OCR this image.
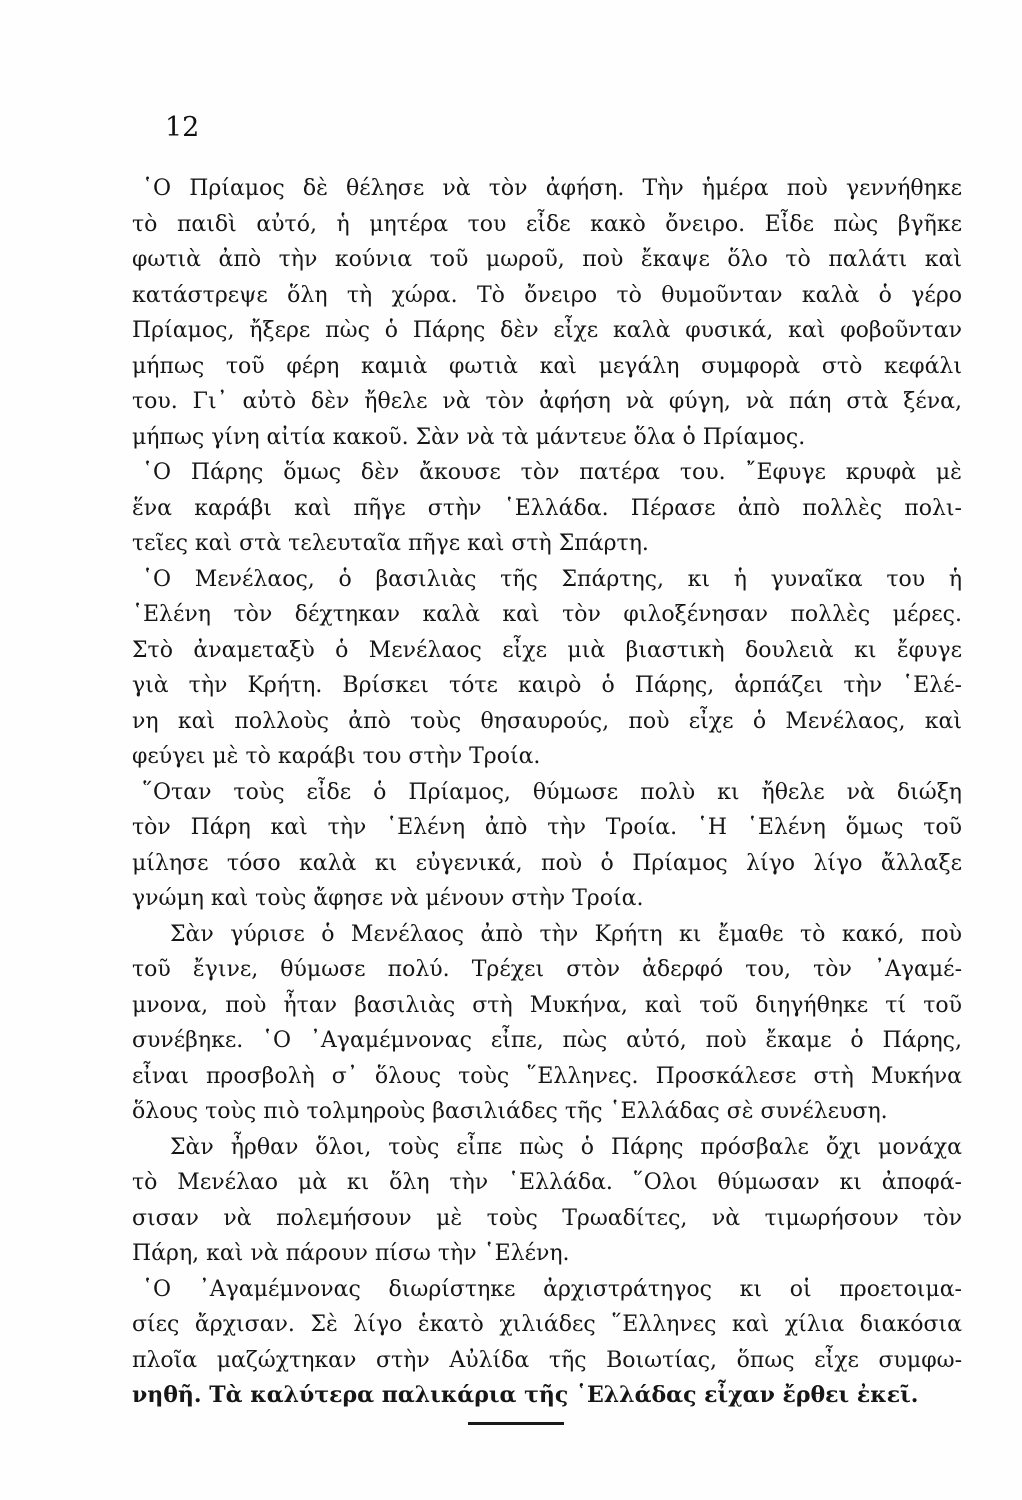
12
῾Ο Πρίαμος δὲ θέλησε νὰ τὸν ἀφήση. Τὴν ἡμέρα ποὺ γεννήθηκε
τὸ παιδὶ αὐτό, ἡ μητέρα του εἶδε κακὸ ὄνειρο. Εἶδε πὼς βγῆκε
φωτιὰ ἀπὸ τὴν κούνια τοῦ μωροῦ, ποὺ ἔκαψε ὅλο τὸ παλάτι καὶ
κατάστρεψε ὅλη τὴ χώρα. Τὸ ὄνειρο τὸ θυμοῦνταν καλὰ ὁ γέρο
Πρίαμος, ἤξερε πὼς ὁ Πάρης δὲν εἶχε καλὰ φυσικά, καὶ φοβοῦνταν
μήπως τοῦ φέρη καμιὰ φωτιὰ καὶ μεγάλη συμφορὰ στὸ κεφάλι
του. Γι᾽ αὐτὸ δὲν ἤθελε νὰ τὸν ἀφήση νὰ φύγη, νὰ πάη στὰ ξένα,
μήπως γίνη αἰτία κακοῦ. Σὰν νὰ τὰ μάντευε ὅλα ὁ Πρίαμος.
῾Ο Πάρης ὅμως δὲν ἄκουσε τὸν πατέρα του. ῎Εφυγε κρυφὰ μὲ
ἕνα καράβι καὶ πῆγε στὴν ῾Ελλάδα. Πέρασε ἀπὸ πολλὲς πολι-
τεῖες καὶ στὰ τελευταῖα πῆγε καὶ στὴ Σπάρτη.
῾Ο Μενέλαος, ὁ βασιλιὰς τῆς Σπάρτης, κι ἡ γυναῖκα του ἡ
῾Ελένη τὸν δέχτηκαν καλὰ καὶ τὸν φιλοξένησαν πολλὲς μέρες.
Στὸ ἀναμεταξὺ ὁ Μενέλαος εἶχε μιὰ βιαστικὴ δουλειὰ κι ἔφυγε
γιὰ τὴν Κρήτη. Βρίσκει τότε καιρὸ ὁ Πάρης, ἁρπάζει τὴν ῾Ελέ-
νη καὶ πολλοὺς ἀπὸ τοὺς θησαυρούς, ποὺ εἶχε ὁ Μενέλαος, καὶ
φεύγει μὲ τὸ καράβι του στὴν Τροία.
῞Οταν τοὺς εἶδε ὁ Πρίαμος, θύμωσε πολὺ κι ἤθελε νὰ διώξη
τὸν Πάρη καὶ τὴν ῾Ελένη ἀπὸ τὴν Τροία. ῾Η ῾Ελένη ὅμως τοῦ
μίλησε τόσο καλὰ κι εὐγενικά, ποὺ ὁ Πρίαμος λίγο λίγο ἄλλαξε
γνώμη καὶ τοὺς ἄφησε νὰ μένουν στὴν Τροία.
Σὰν γύρισε ὁ Μενέλαος ἀπὸ τὴν Κρήτη κι ἔμαθε τὸ κακό, ποὺ
τοῦ ἔγινε, θύμωσε πολύ. Τρέχει στὸν ἀδερφό του, τὸν ᾿Αγαμέ-
μνονα, ποὺ ἦταν βασιλιὰς στὴ Μυκήνα, καὶ τοῦ διηγήθηκε τί τοῦ
συνέβηκε. ῾Ο ᾿Αγαμέμνονας εἶπε, πὼς αὐτό, ποὺ ἔκαμε ὁ Πάρης,
εἶναι προσβολὴ σ᾽ ὅλους τοὺς ῞Ελληνες. Προσκάλεσε στὴ Μυκήνα
ὅλους τοὺς πιὸ τολμηροὺς βασιλιάδες τῆς ῾Ελλάδας σὲ συνέλευση.
Σὰν ἦρθαν ὅλοι, τοὺς εἶπε πὼς ὁ Πάρης πρόσβαλε ὄχι μονάχα
τὸ Μενέλαο μὰ κι ὅλη τὴν ῾Ελλάδα. ῞Ολοι θύμωσαν κι ἀποφά-
σισαν νὰ πολεμήσουν μὲ τοὺς Τρωαδίτες, νὰ τιμωρήσουν τὸν
Πάρη, καὶ νὰ πάρουν πίσω τὴν ῾Ελένη.
῾Ο ᾿Αγαμέμνονας διωρίστηκε ἀρχιστράτηγος κι οἱ προετοιμα-
σίες ἄρχισαν. Σὲ λίγο ἑκατὸ χιλιάδες ῞Ελληνες καὶ χίλια διακόσια
πλοῖα μαζώχτηκαν στὴν Αὐλίδα τῆς Βοιωτίας, ὅπως εἶχε συμφω-
νηθῆ. Τὰ καλύτερα παλικάρια τῆς ῾Ελλάδας εἶχαν ἔρθει ἐκεῖ.
